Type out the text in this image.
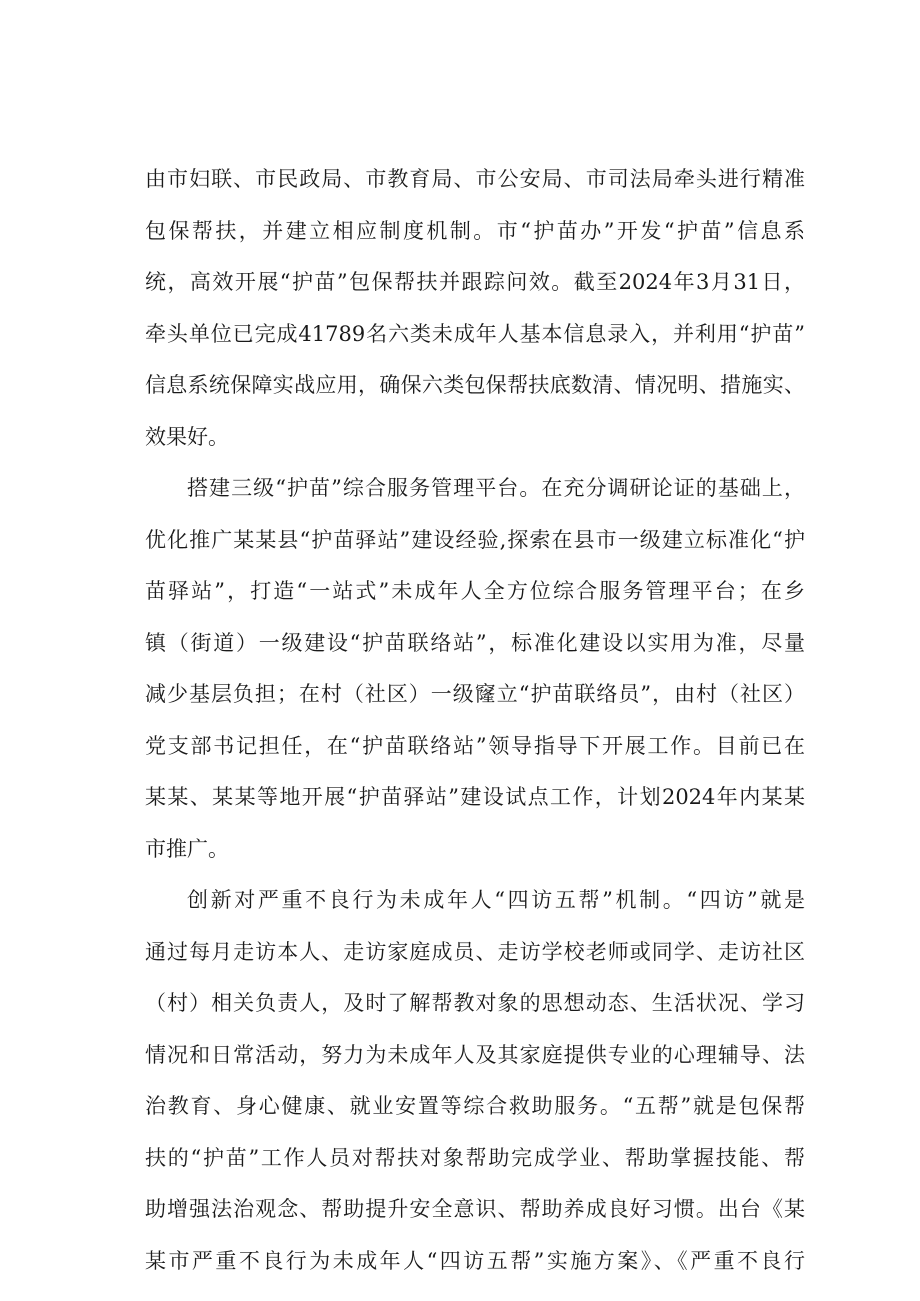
由市妇联、市民政局、市教育局、市公安局、市司法局牵头进行精准
包保帮扶，并建立相应制度机制。市“护苗办”开发“护苗”信息系
统，高效开展“护苗”包保帮扶并跟踪问效。截至2024年3月31日，
牵头单位已完成41789名六类未成年人基本信息录入，并利用“护苗”
信息系统保障实战应用，确保六类包保帮扶底数清、情况明、措施实、
效果好。
搭建三级“护苗”综合服务管理平台。在充分调研论证的基础上，
优化推广某某县“护苗驿站”建设经验,探索在县市一级建立标准化“护
苗驿站”，打造“一站式”未成年人全方位综合服务管理平台；在乡
镇（街道）一级建设“护苗联络站”，标准化建设以实用为准，尽量
减少基层负担；在村（社区）一级窿立“护苗联络员”，由村（社区）
党支部书记担任，在“护苗联络站”领导指导下开展工作。目前已在
某某、某某等地开展“护苗驿站”建设试点工作，计划2024年内某某
市推广。
创新对严重不良行为未成年人“四访五帮”机制。“四访”就是
通过每月走访本人、走访家庭成员、走访学校老师或同学、走访社区
（村）相关负责人，及时了解帮教对象的思想动态、生活状况、学习
情况和日常活动，努力为未成年人及其家庭提供专业的心理辅导、法
治教育、身心健康、就业安置等综合救助服务。“五帮”就是包保帮
扶的“护苗”工作人员对帮扶对象帮助完成学业、帮助掌握技能、帮
助增强法治观念、帮助提升安全意识、帮助养成良好习惯。出台《某
某市严重不良行为未成年人“四访五帮”实施方案》、《严重不良行
